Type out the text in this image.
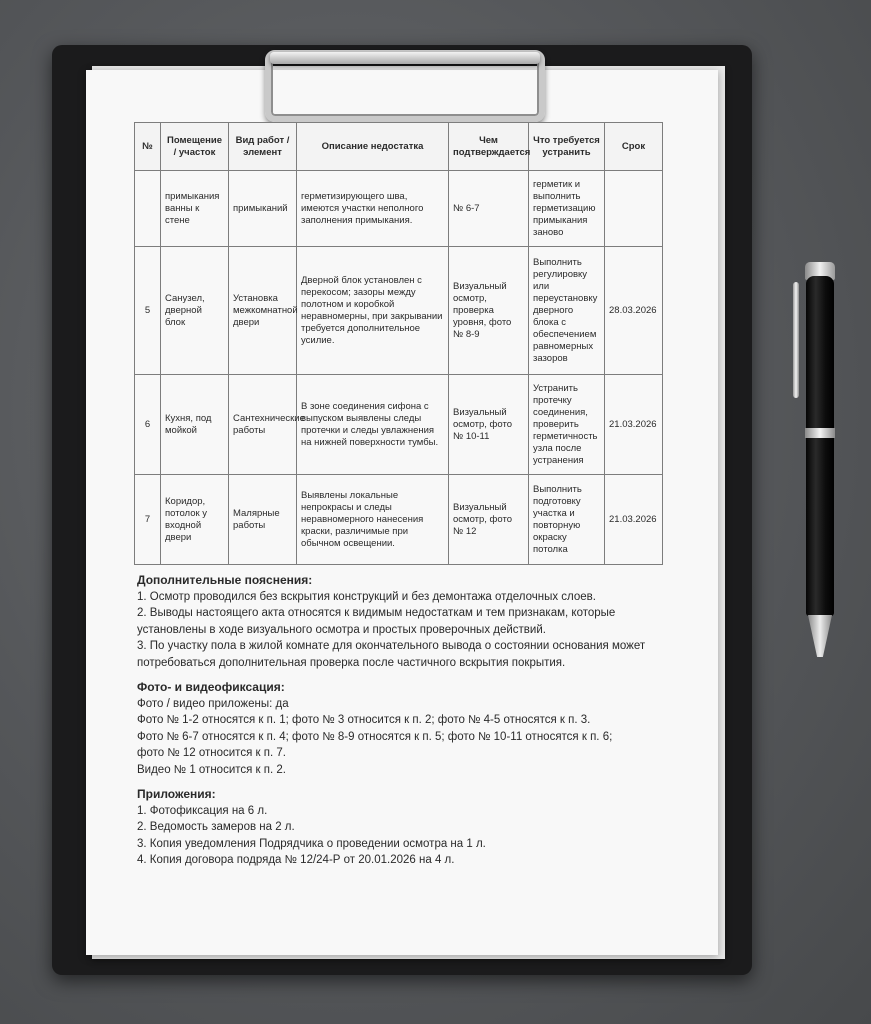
№	Помещение / участок	Вид работ / элемент	Описание недостатка	Чем подтверждается	Что требуется устранить	Срок
	примыкания ванны к стене	примыканий	герметизирующего шва, имеются участки неполного заполнения примыкания.	№ 6-7	герметик и выполнить герметизацию примыкания заново	
5	Санузел, дверной блок	Установка межкомнатной двери	Дверной блок установлен с перекосом; зазоры между полотном и коробкой неравномерны, при закрывании требуется дополнительное усилие.	Визуальный осмотр, проверка уровня, фото № 8-9	Выполнить регулировку или переустановку дверного блока с обеспечением равномерных зазоров	28.03.2026
6	Кухня, под мойкой	Сантехнические работы	В зоне соединения сифона с выпуском выявлены следы протечки и следы увлажнения на нижней поверхности тумбы.	Визуальный осмотр, фото № 10-11	Устранить протечку соединения, проверить герметичность узла после устранения	21.03.2026
7	Коридор, потолок у входной двери	Малярные работы	Выявлены локальные непрокрасы и следы неравномерного нанесения краски, различимые при обычном освещении.	Визуальный осмотр, фото № 12	Выполнить подготовку участка и повторную окраску потолка	21.03.2026
Дополнительные пояснения:

1. Осмотр проводился без вскрытия конструкций и без демонтажа отделочных слоев.

2. Выводы настоящего акта относятся к видимым недостаткам и тем признакам, которые установлены в ходе визуального осмотра и простых проверочных действий.

3. По участку пола в жилой комнате для окончательного вывода о состоянии основания может потребоваться дополнительная проверка после частичного вскрытия покрытия.

Фото- и видеофиксация:

Фото / видео приложены: да

Фото № 1-2 относятся к п. 1; фото № 3 относится к п. 2; фото № 4-5 относятся к п. 3.

Фото № 6-7 относятся к п. 4; фото № 8-9 относятся к п. 5; фото № 10-11 относятся к п. 6;

фото № 12 относится к п. 7.

Видео № 1 относится к п. 2.

Приложения:

1. Фотофиксация на 6 л.

2. Ведомость замеров на 2 л.

3. Копия уведомления Подрядчика о проведении осмотра на 1 л.

4. Копия договора подряда № 12/24-Р от 20.01.2026 на 4 л.
